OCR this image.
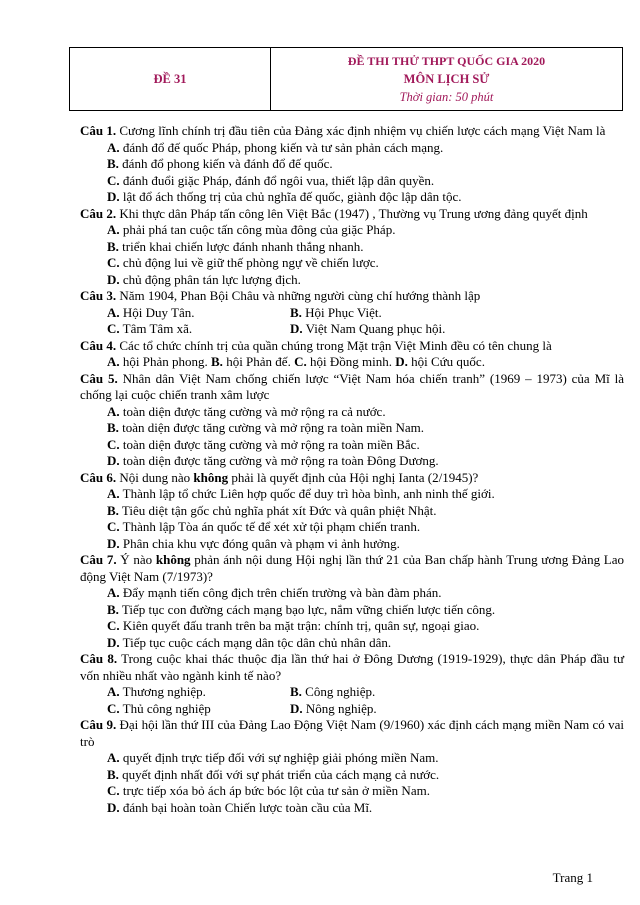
ĐỀ 31
ĐỀ THI THỬ THPT QUỐC GIA 2020
MÔN LỊCH SỬ
Thời gian: 50 phút
Câu 1. Cương lĩnh chính trị đầu tiên của Đảng xác định nhiệm vụ chiến lược cách mạng Việt Nam là
A. đánh đổ đế quốc Pháp, phong kiến và tư sản phản cách mạng.
B. đánh đổ phong kiến và đánh đổ đế quốc.
C. đánh đuổi giặc Pháp, đánh đổ ngôi vua, thiết lập dân quyền.
D. lật đổ ách thống trị của chủ nghĩa đế quốc, giành độc lập dân tộc.
Câu 2. Khi thực dân Pháp tấn công lên Việt Bắc (1947) , Thường vụ Trung ương đảng quyết định
A. phải phá tan cuộc tấn công mùa đông của giặc Pháp.
B. triển khai chiến lược đánh nhanh thắng nhanh.
C. chủ động lui về giữ thế phòng ngự về chiến lược.
D. chủ động phân tán lực lượng địch.
Câu 3. Năm 1904, Phan Bội Châu và những người cùng chí hướng thành lập
A. Hội Duy Tân.	B. Hội Phục Việt.
C. Tâm Tâm xã.	D. Việt Nam Quang phục hội.
Câu 4. Các tổ chức chính trị của quần chúng trong Mặt trận Việt Minh đều có tên chung là
A. hội Phản phong. B. hội Phản đế. C. hội Đồng minh. D. hội Cứu quốc.
Câu 5. Nhân dân Việt Nam chống chiến lược “Việt Nam hóa chiến tranh” (1969 – 1973) của Mĩ là chống lại cuộc chiến tranh xâm lược
A. toàn diện được tăng cường và mở rộng ra cả nước.
B. toàn diện được tăng cường và mở rộng ra toàn miền Nam.
C. toàn diện được tăng cường và mở rộng ra toàn miền Bắc.
D. toàn diện được tăng cường và mở rộng ra toàn Đông Dương.
Câu 6. Nội dung nào không phải là quyết định của Hội nghị Ianta (2/1945)?
A. Thành lập tổ chức Liên hợp quốc để duy trì hòa bình, anh ninh thế giới.
B. Tiêu diệt tận gốc chủ nghĩa phát xít Đức và quân phiệt Nhật.
C. Thành lập Tòa án quốc tế để xét xử tội phạm chiến tranh.
D. Phân chia khu vực đóng quân và phạm vi ảnh hưởng.
Câu 7. Ý nào không phản ánh nội dung Hội nghị lần thứ 21 của Ban chấp hành Trung ương Đảng Lao động Việt Nam (7/1973)?
A. Đẩy mạnh tiến công địch trên chiến trường và bàn đàm phán.
B. Tiếp tục con đường cách mạng bạo lực, nắm vững chiến lược tiến công.
C. Kiên quyết đấu tranh trên ba mặt trận: chính trị, quân sự, ngoại giao.
D. Tiếp tục cuộc cách mạng dân tộc dân chủ nhân dân.
Câu 8. Trong cuộc khai thác thuộc địa lần thứ hai ở Đông Dương (1919-1929), thực dân Pháp đầu tư vốn nhiều nhất vào ngành kinh tế nào?
A. Thương nghiệp.	B. Công nghiệp.
C. Thủ công nghiệp	D. Nông nghiệp.
Câu 9. Đại hội lần thứ III của Đảng Lao Động Việt Nam (9/1960) xác định cách mạng miền Nam có vai trò
A. quyết định trực tiếp đối với sự nghiệp giải phóng miền Nam.
B. quyết định nhất đối với sự phát triển của cách mạng cả nước.
C. trực tiếp xóa bỏ ách áp bức bóc lột của tư sản ở miền Nam.
D. đánh bại hoàn toàn Chiến lược toàn cầu của Mĩ.
Trang 1
